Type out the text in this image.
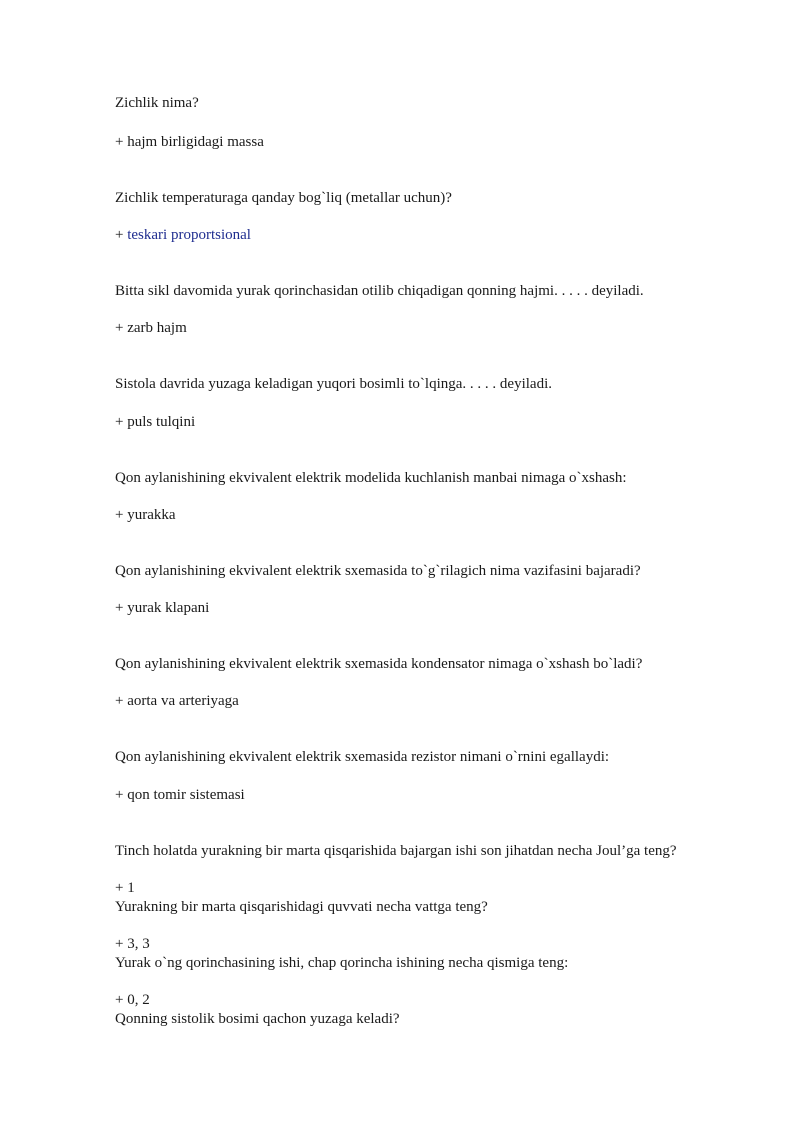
Zichlik nima?
+ hajm birligidagi massa
Zichlik temperaturaga qanday bog`liq (metallar uchun)?
+ teskari proportsional
Bitta sikl davomida yurak qorinchasidan otilib chiqadigan qonning hajmi. . . . . deyiladi.
+ zarb hajm
Sistola davrida yuzaga keladigan yuqori bosimli to`lqinga. . . . . deyiladi.
+ puls tulqini
Qon aylanishining ekvivalent elektrik modelida kuchlanish manbai nimaga o`xshash:
+ yurakka
Qon aylanishining ekvivalent elektrik sxemasida to`g`rilagich nima vazifasini bajaradi?
+ yurak klapani
Qon aylanishining ekvivalent elektrik sxemasida kondensator nimaga o`xshash bo`ladi?
+ aorta va arteriyaga
Qon aylanishining ekvivalent elektrik sxemasida rezistor nimani o`rnini egallaydi:
+ qon tomir sistemasi
Tinch holatda yurakning bir marta qisqarishida bajargan ishi son jihatdan necha Joul’ga teng?
+ 1
Yurakning bir marta qisqarishidagi quvvati necha vattga teng?
+ 3, 3
Yurak o`ng qorinchasining ishi, chap qorincha ishining necha qismiga teng:
+ 0, 2
Qonning sistolik bosimi qachon yuzaga keladi?
